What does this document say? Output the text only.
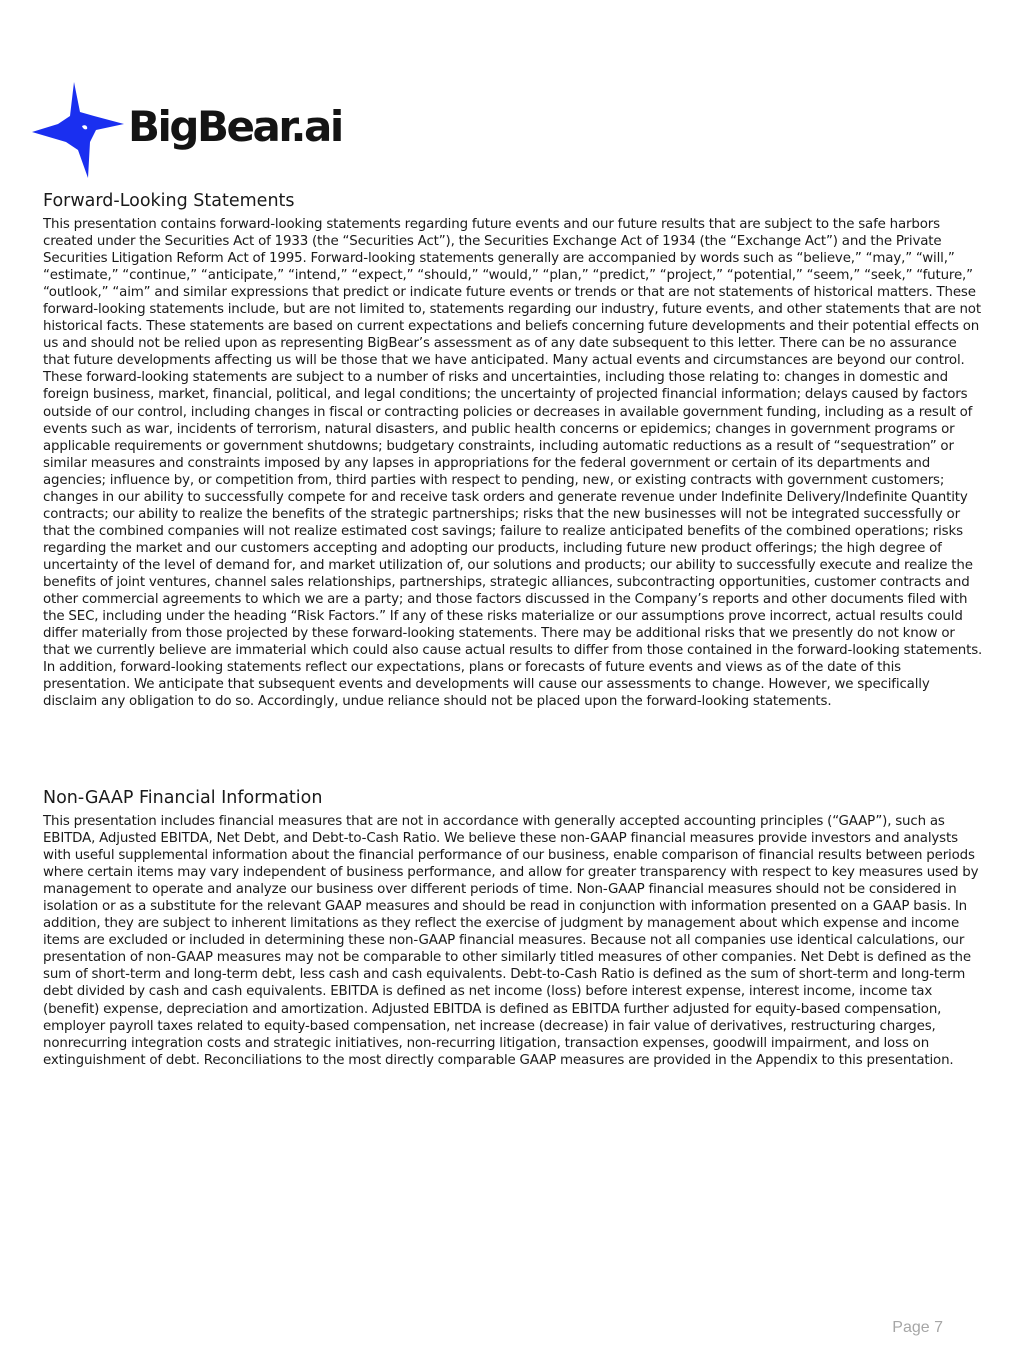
BigBear.ai
Forward-Looking Statements

This presentation contains forward-looking statements regarding future events and our future results that are subject to the safe harbors created under the Securities Act of 1933 (the “Securities Act”), the Securities Exchange Act of 1934 (the “Exchange Act”) and the Private Securities Litigation Reform Act of 1995. Forward-looking statements generally are accompanied by words such as “believe,” “may,” “will,” “estimate,” “continue,” “anticipate,” “intend,” “expect,” “should,” “would,” “plan,” “predict,” “project,” “potential,” “seem,” “seek,” “future,” “outlook,” “aim” and similar expressions that predict or indicate future events or trends or that are not statements of historical matters. These forward-looking statements include, but are not limited to, statements regarding our industry, future events, and other statements that are not historical facts. These statements are based on current expectations and beliefs concerning future developments and their potential effects on us and should not be relied upon as representing BigBear’s assessment as of any date subsequent to this letter. There can be no assurance that future developments affecting us will be those that we have anticipated. Many actual events and circumstances are beyond our control. These forward-looking statements are subject to a number of risks and uncertainties, including those relating to: changes in domestic and foreign business, market, financial, political, and legal conditions; the uncertainty of projected financial information; delays caused by factors outside of our control, including changes in fiscal or contracting policies or decreases in available government funding, including as a result of events such as war, incidents of terrorism, natural disasters, and public health concerns or epidemics; changes in government programs or applicable requirements or government shutdowns; budgetary constraints, including automatic reductions as a result of “sequestration” or similar measures and constraints imposed by any lapses in appropriations for the federal government or certain of its departments and agencies; influence by, or competition from, third parties with respect to pending, new, or existing contracts with government customers; changes in our ability to successfully compete for and receive task orders and generate revenue under Indefinite Delivery/Indefinite Quantity contracts; our ability to realize the benefits of the strategic partnerships; risks that the new businesses will not be integrated successfully or that the combined companies will not realize estimated cost savings; failure to realize anticipated benefits of the combined operations; risks regarding the market and our customers accepting and adopting our products, including future new product offerings; the high degree of uncertainty of the level of demand for, and market utilization of, our solutions and products; our ability to successfully execute and realize the benefits of joint ventures, channel sales relationships, partnerships, strategic alliances, subcontracting opportunities, customer contracts and other commercial agreements to which we are a party; and those factors discussed in the Company’s reports and other documents filed with the SEC, including under the heading “Risk Factors.” If any of these risks materialize or our assumptions prove incorrect, actual results could differ materially from those projected by these forward-looking statements. There may be additional risks that we presently do not know or that we currently believe are immaterial which could also cause actual results to differ from those contained in the forward-looking statements. In addition, forward-looking statements reflect our expectations, plans or forecasts of future events and views as of the date of this presentation. We anticipate that subsequent events and developments will cause our assessments to change. However, we specifically disclaim any obligation to do so. Accordingly, undue reliance should not be placed upon the forward-looking statements.

Non-GAAP Financial Information

This presentation includes financial measures that are not in accordance with generally accepted accounting principles (“GAAP”), such as EBITDA, Adjusted EBITDA, Net Debt, and Debt-to-Cash Ratio. We believe these non-GAAP financial measures provide investors and analysts with useful supplemental information about the financial performance of our business, enable comparison of financial results between periods where certain items may vary independent of business performance, and allow for greater transparency with respect to key measures used by management to operate and analyze our business over different periods of time. Non-GAAP financial measures should not be considered in isolation or as a substitute for the relevant GAAP measures and should be read in conjunction with information presented on a GAAP basis. In addition, they are subject to inherent limitations as they reflect the exercise of judgment by management about which expense and income items are excluded or included in determining these non-GAAP financial measures. Because not all companies use identical calculations, our presentation of non-GAAP measures may not be comparable to other similarly titled measures of other companies. Net Debt is defined as the sum of short-term and long-term debt, less cash and cash equivalents. Debt-to-Cash Ratio is defined as the sum of short-term and long-term debt divided by cash and cash equivalents. EBITDA is defined as net income (loss) before interest expense, interest income, income tax (benefit) expense, depreciation and amortization. Adjusted EBITDA is defined as EBITDA further adjusted for equity-based compensation, employer payroll taxes related to equity-based compensation, net increase (decrease) in fair value of derivatives, restructuring charges, nonrecurring integration costs and strategic initiatives, non-recurring litigation, transaction expenses, goodwill impairment, and loss on extinguishment of debt. Reconciliations to the most directly comparable GAAP measures are provided in the Appendix to this presentation.

Page 7
